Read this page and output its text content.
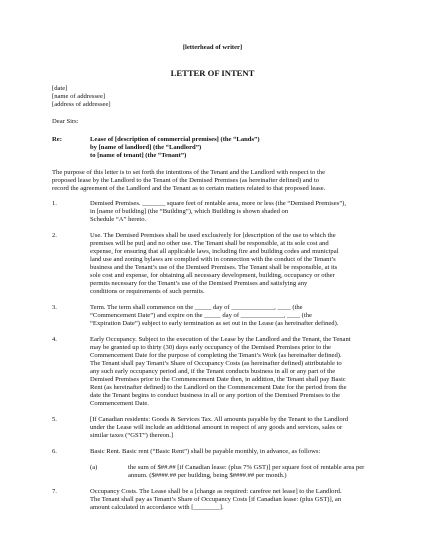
[letterhead of writer]
LETTER OF INTENT
[date]
[name of addressee]
[address of addressee]
Dear Sirs:
Re:	Lease of [description of commercial premises] (the “Lands”)
by [name of landlord] (the “Landlord”)
to [name of tenant] (the “Tenant”)
The purpose of this letter is to set forth the intentions of the Tenant and the Landlord with respect to the
proposed lease by the Landlord to the Tenant of the Demised Premises (as hereinafter defined) and to
record the agreement of the Landlord and the Tenant as to certain matters related to that proposed lease.
1.	Demised Premises. _______ square feet of rentable area, more or less (the “Demised Premises”),
in [name of building] (the “Building”), which Building is shown shaded on
Schedule “A” hereto.
2.	Use. The Demised Premises shall be used exclusively for [description of the use to which the
premises will be put] and no other use. The Tenant shall be responsible, at its sole cost and
expense, for ensuring that all applicable laws, including fire and building codes and municipal
land use and zoning bylaws are complied with in connection with the conduct of the Tenant’s
business and the Tenant’s use of the Demised Premises. The Tenant shall be responsible, at its
sole cost and expense, for obtaining all necessary development, building, occupancy or other
permits necessary for the Tenant’s use of the Demised Premises and satisfying any
conditions or requirements of such permits.
3.	Term. The term shall commence on the _____ day of _____________, ____ (the
“Commencement Date”) and expire on the _____ day of _____________, ____ (the
“Expiration Date”) subject to early termination as set out in the Lease (as hereinafter defined).
4.	Early Occupancy. Subject to the execution of the Lease by the Landlord and the Tenant, the Tenant
may be granted up to thirty (30) days early occupancy of the Demised Premises prior to the
Commencement Date for the purpose of completing the Tenant’s Work (as hereinafter defined).
The Tenant shall pay Tenant’s Share of Occupancy Costs (as hereinafter defined) attributable to
any such early occupancy period and, if the Tenant conducts business in all or any part of the
Demised Premises prior to the Commencement Date then, in addition, the Tenant shall pay Basic
Rent (as hereinafter defined) to the Landlord on the Commencement Date for the period from the
date the Tenant begins to conduct business in all or any portion of the Demised Premises to the
Commencement Date.
5.	[If Canadian residents: Goods & Services Tax. All amounts payable by the Tenant to the Landlord
under the Lease will include an additional amount in respect of any goods and services, sales or
similar taxes (“GST”) thereon.]
6.	Basic Rent. Basic rent (“Basic Rent”) shall be payable monthly, in advance, as follows:
(a)	the sum of $##.## [if Canadian lease: (plus 7% GST)] per square foot of rentable area per
annum. ($####.## per building, being $####.## per month.)
7.	Occupancy Costs. The Lease shall be a [change as required: carefree net lease] to the Landlord.
The Tenant shall pay as Tenant’s Share of Occupancy Costs [if Canadian lease: (plus GST)], an
amount calculated in accordance with [________].
